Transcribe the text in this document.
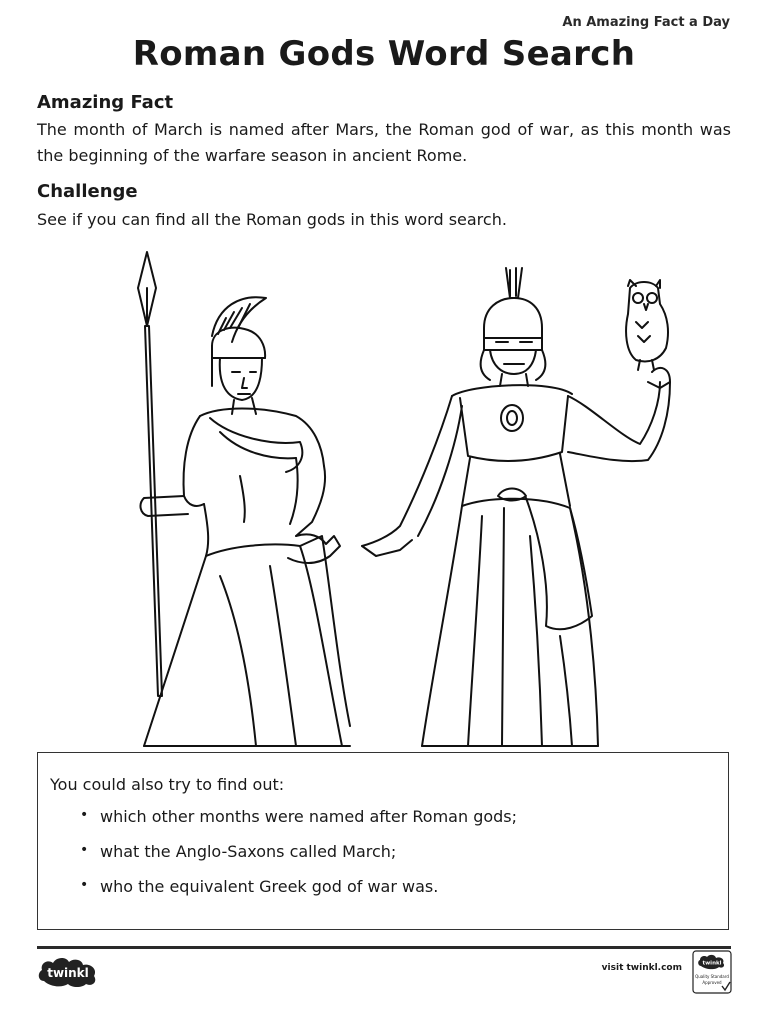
An Amazing Fact a Day
Roman Gods Word Search
Amazing Fact
The month of March is named after Mars, the Roman god of war, as this month was the beginning of the warfare season in ancient Rome.
Challenge
See if you can find all the Roman gods in this word search.
You could also try to find out:
• which other months were named after Roman gods;
• what the Anglo-Saxons called March;
• who the equivalent Greek god of war was.
twinkl	visit twinkl.com	twinkl
Quality Standard
Approved
